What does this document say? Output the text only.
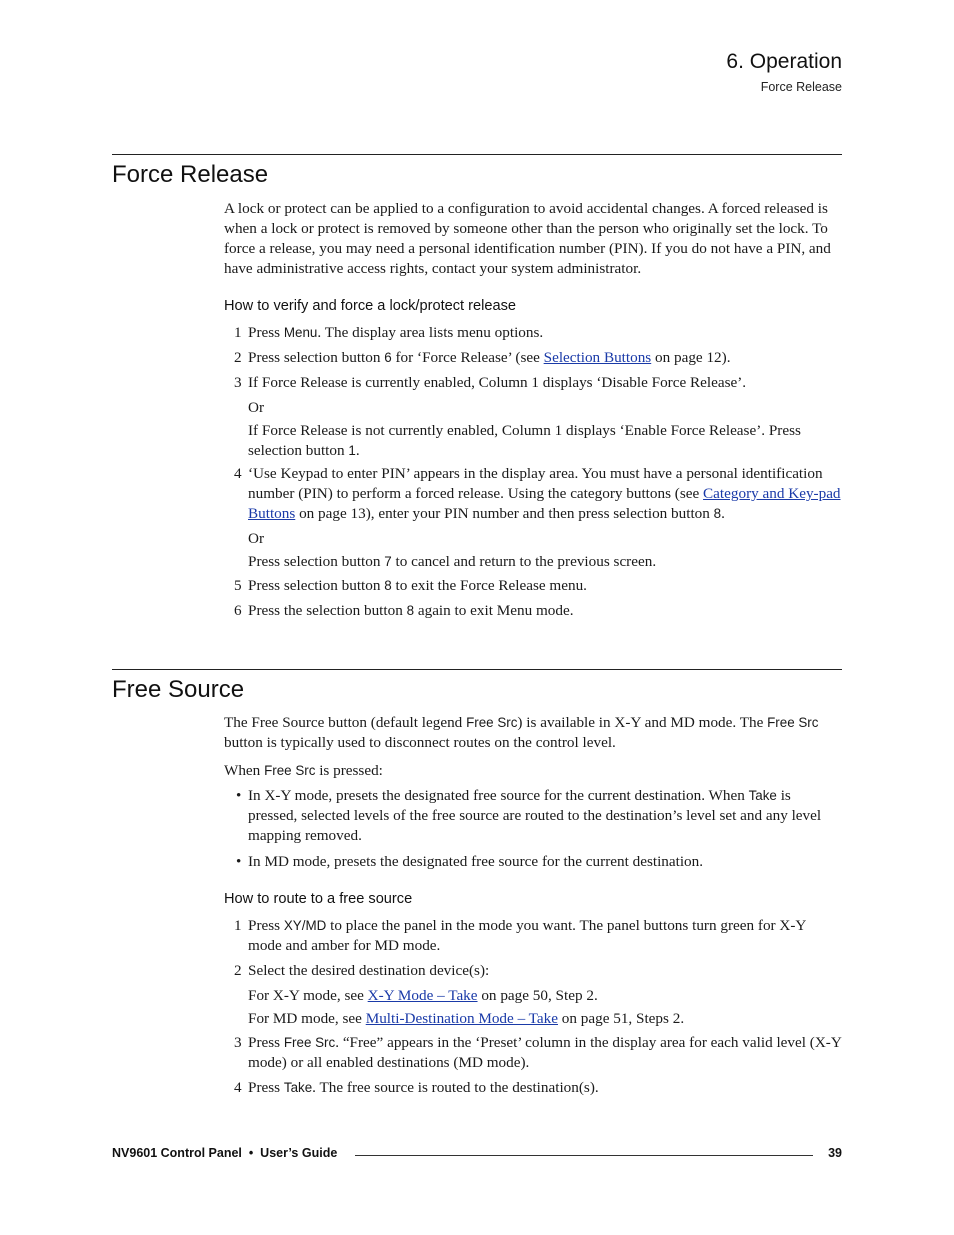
6. Operation
Force Release
Force Release
A lock or protect can be applied to a configuration to avoid accidental changes. A forced released is when a lock or protect is removed by someone other than the person who originally set the lock. To force a release, you may need a personal identification number (PIN). If you do not have a PIN, and have administrative access rights, contact your system administrator.
How to verify and force a lock/protect release
1 Press Menu. The display area lists menu options.
2 Press selection button 6 for ‘Force Release’ (see Selection Buttons on page 12).
3 If Force Release is currently enabled, Column 1 displays ‘Disable Force Release’.
Or
If Force Release is not currently enabled, Column 1 displays ‘Enable Force Release’. Press selection button 1.
4 ‘Use Keypad to enter PIN’ appears in the display area. You must have a personal identification number (PIN) to perform a forced release. Using the category buttons (see Category and Key-pad Buttons on page 13), enter your PIN number and then press selection button 8.
Or
Press selection button 7 to cancel and return to the previous screen.
5 Press selection button 8 to exit the Force Release menu.
6 Press the selection button 8 again to exit Menu mode.
Free Source
The Free Source button (default legend Free Src) is available in X-Y and MD mode. The Free Src button is typically used to disconnect routes on the control level.
When Free Src is pressed:
• In X-Y mode, presets the designated free source for the current destination. When Take is pressed, selected levels of the free source are routed to the destination’s level set and any level mapping removed.
• In MD mode, presets the designated free source for the current destination.
How to route to a free source
1 Press XY/MD to place the panel in the mode you want. The panel buttons turn green for X-Y mode and amber for MD mode.
2 Select the desired destination device(s):
For X-Y mode, see X-Y Mode – Take on page 50, Step 2.
For MD mode, see Multi-Destination Mode – Take on page 51, Steps 2.
3 Press Free Src. “Free” appears in the ‘Preset’ column in the display area for each valid level (X-Y mode) or all enabled destinations (MD mode).
4 Press Take. The free source is routed to the destination(s).
NV9601 Control Panel  •  User’s Guide	39
